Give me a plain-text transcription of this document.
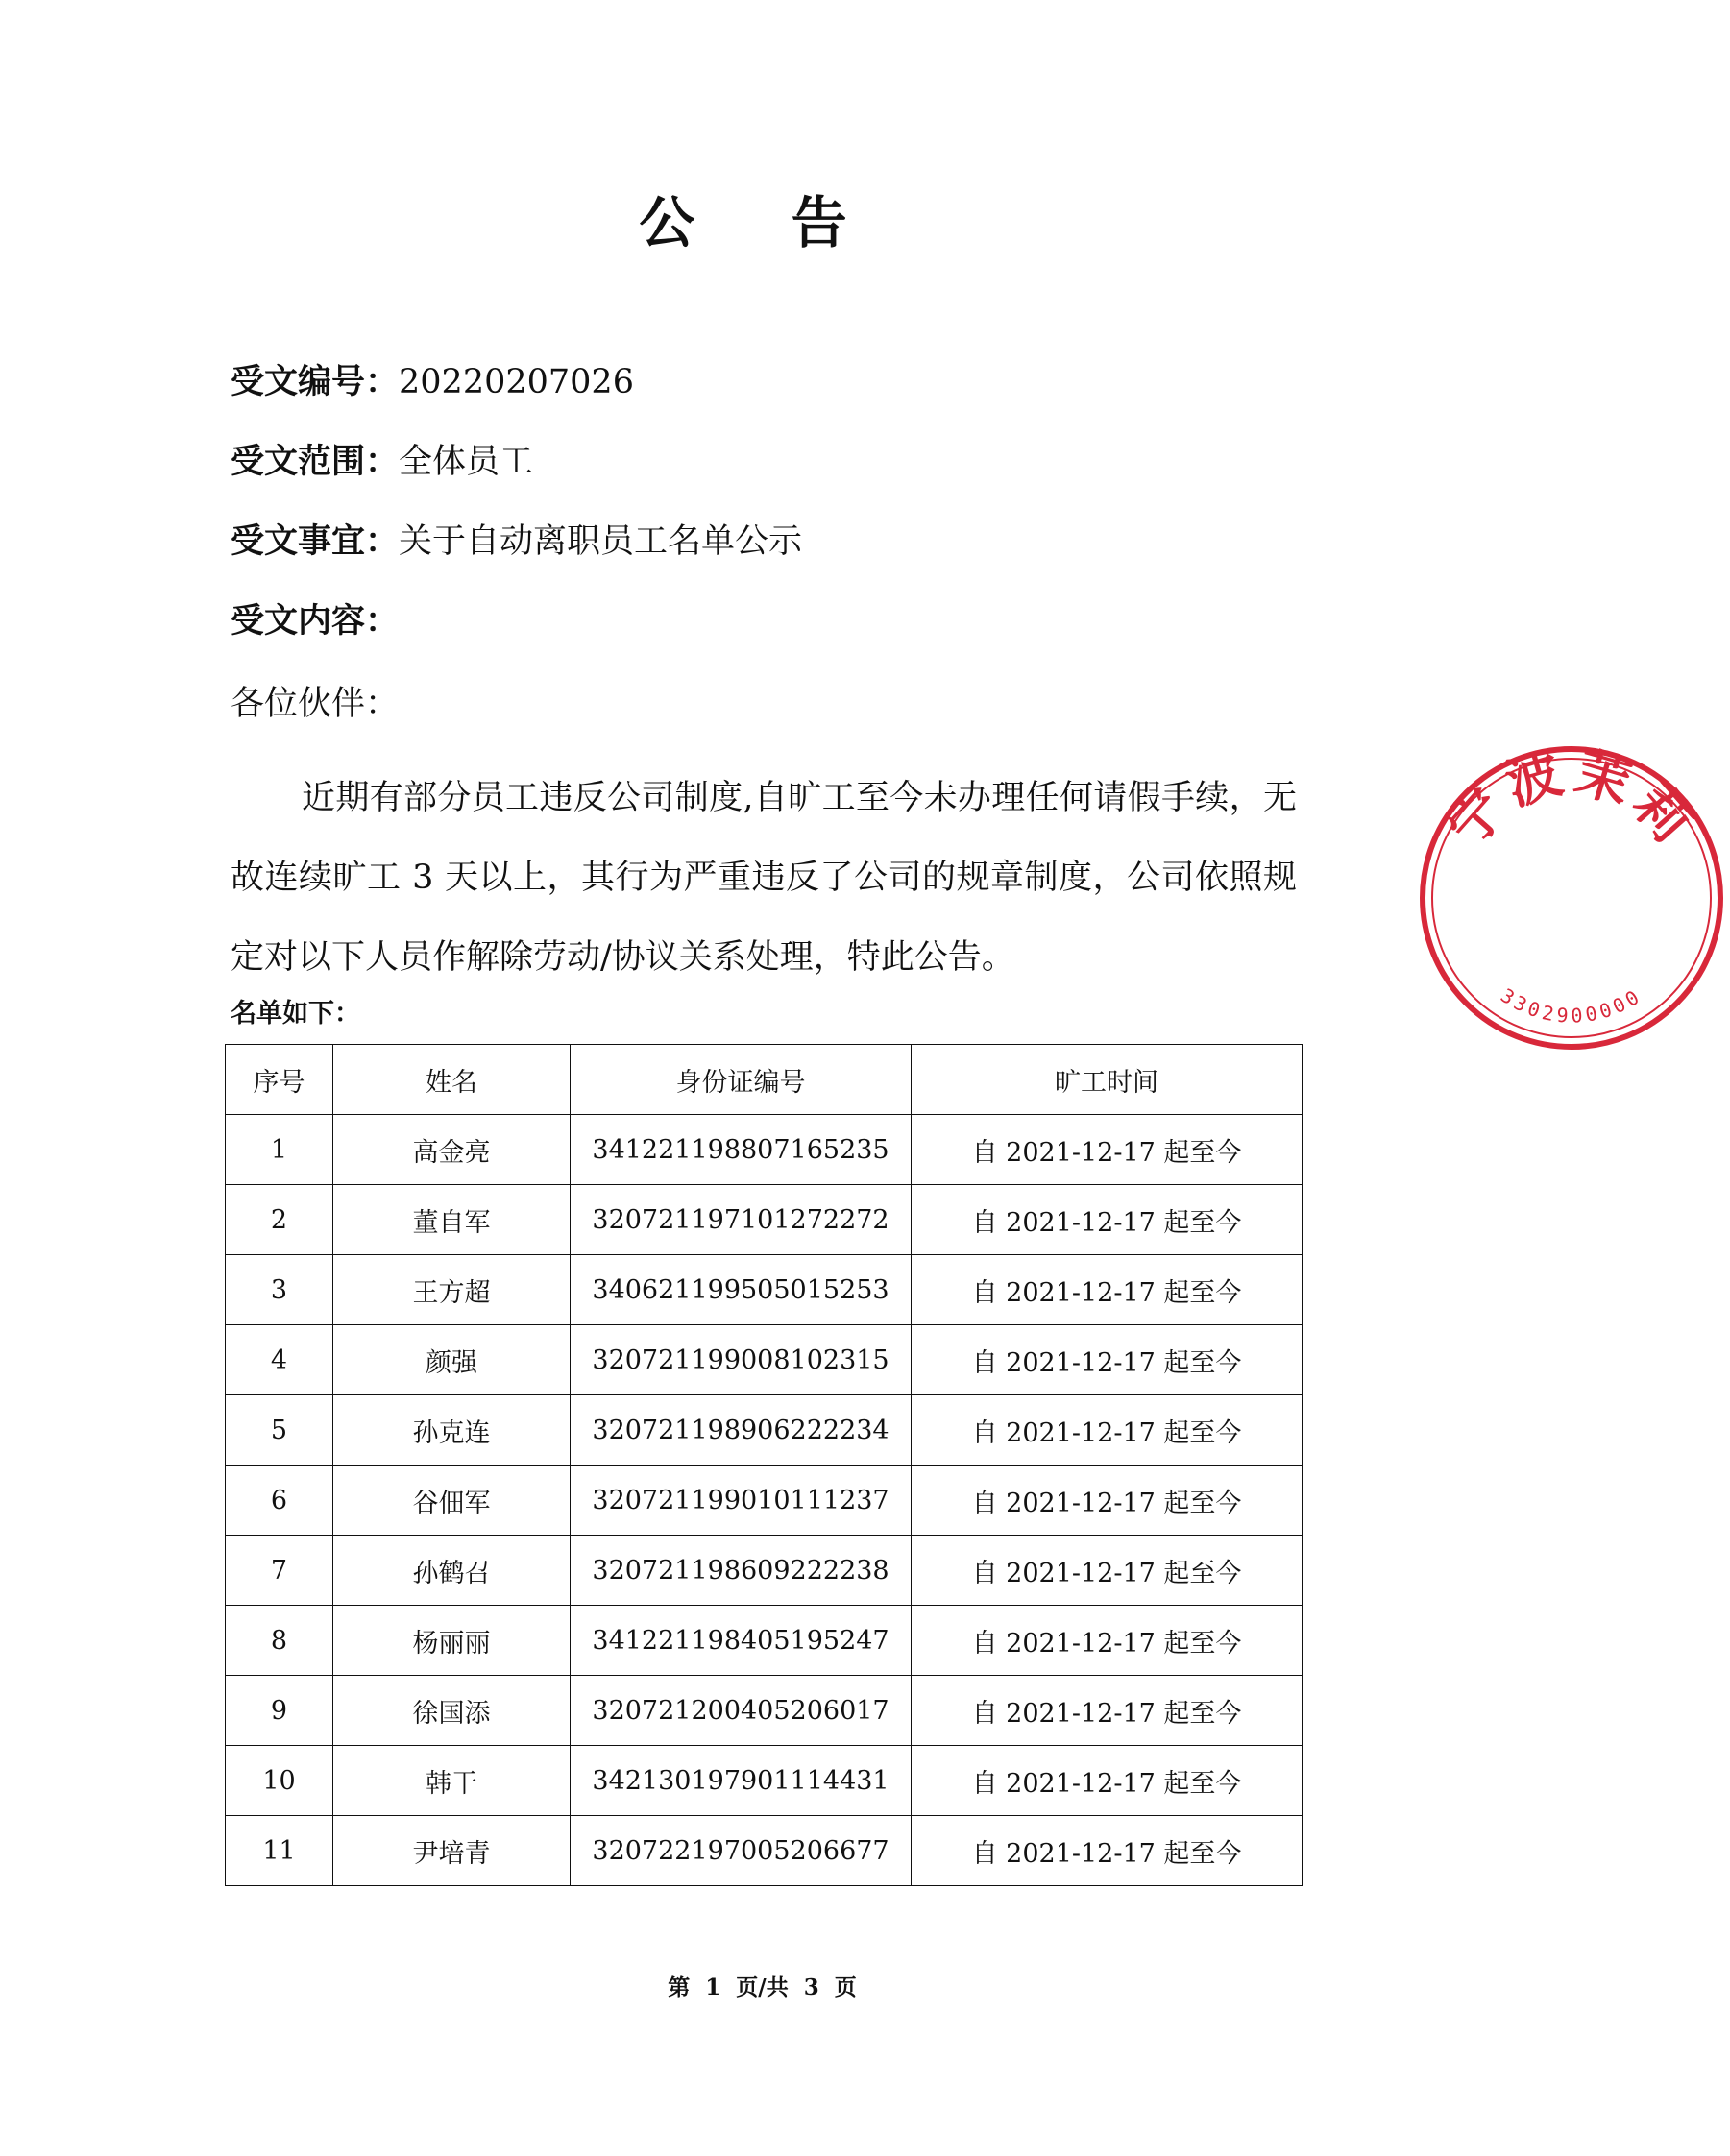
公 告
受文编号：20220207026
受文范围：全体员工
受文事宜：关于自动离职员工名单公示
受文内容：
各位伙伴：

近期有部分员工违反公司制度,自旷工至今未办理任何请假手续，无故连续旷工 3 天以上，其行为严重违反了公司的规章制度，公司依照规定对以下人员作解除劳动/协议关系处理，特此公告。

名单如下：
序号	姓名	身份证编号	旷工时间
1	高金亮	341221198807165235	自 2021-12-17 起至今
2	董自军	320721197101272272	自 2021-12-17 起至今
3	王方超	340621199505015253	自 2021-12-17 起至今
4	颜强	320721199008102315	自 2021-12-17 起至今
5	孙克连	320721198906222234	自 2021-12-17 起至今
6	谷佃军	320721199010111237	自 2021-12-17 起至今
7	孙鹤召	320721198609222238	自 2021-12-17 起至今
8	杨丽丽	341221198405195247	自 2021-12-17 起至今
9	徐国添	320721200405206017	自 2021-12-17 起至今
10	韩干	342130197901114431	自 2021-12-17 起至今
11	尹培青	320722197005206677	自 2021-12-17 起至今
第  1  页/共  3  页
宁波茉莉
3302900000
